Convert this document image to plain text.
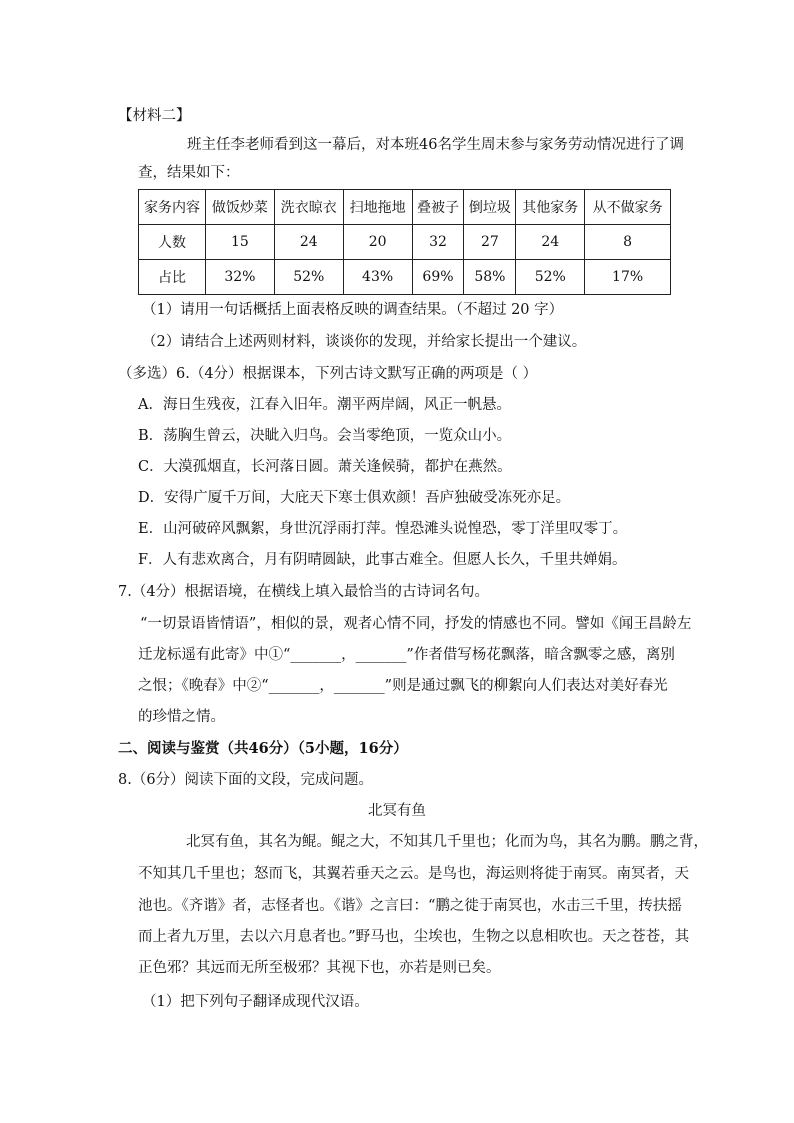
【材料二】
班主任李老师看到这一幕后，对本班46名学生周末参与家务劳动情况进行了调
查，结果如下：
家务内容	做饭炒菜	洗衣晾衣	扫地拖地	叠被子	倒垃圾	其他家务	从不做家务
人数	15	24	20	32	27	24	8
占比	32%	52%	43%	69%	58%	52%	17%
（1）请用一句话概括上面表格反映的调查结果。（不超过 20 字）
（2）请结合上述两则材料，谈谈你的发现，并给家长提出一个建议。
（多选）6.（4分）根据课本，下列古诗文默写正确的两项是（ ）
A．海日生残夜，江春入旧年。潮平两岸阔，风正一帆悬。
B．荡胸生曾云，决眦入归鸟。会当零绝顶，一览众山小。
C．大漠孤烟直，长河落日圆。萧关逢候骑，都护在燕然。
D．安得广厦千万间，大庇天下寒士俱欢颜！吾庐独破受冻死亦足。
E．山河破碎风飘絮，身世沉浮雨打萍。惶恐滩头说惶恐，零丁洋里叹零丁。
F．人有悲欢离合，月有阴晴圆缺，此事古难全。但愿人长久，千里共婵娟。
7.（4分）根据语境，在横线上填入最恰当的古诗词名句。
“一切景语皆情语”，相似的景，观者心情不同，抒发的情感也不同。譬如《闻王昌龄左
迁龙标遥有此寄》中①“_______，_______”作者借写杨花飘落，暗含飘零之感，离别
之恨；《晚春》中②“_______，_______”则是通过飘飞的柳絮向人们表达对美好春光
的珍惜之情。
二、阅读与鉴赏（共46分）（5小题，16分）
8.（6分）阅读下面的文段，完成问题。
北冥有鱼
北冥有鱼，其名为鲲。鲲之大，不知其几千里也；化而为鸟，其名为鹏。鹏之背，
不知其几千里也；怒而飞，其翼若垂天之云。是鸟也，海运则将徙于南冥。南冥者，天
池也。《齐谐》者，志怪者也。《谐》之言曰：“鹏之徙于南冥也，水击三千里，抟扶摇
而上者九万里，去以六月息者也。”野马也，尘埃也，生物之以息相吹也。天之苍苍，其
正色邪？其远而无所至极邪？其视下也，亦若是则已矣。
（1）把下列句子翻译成现代汉语。
